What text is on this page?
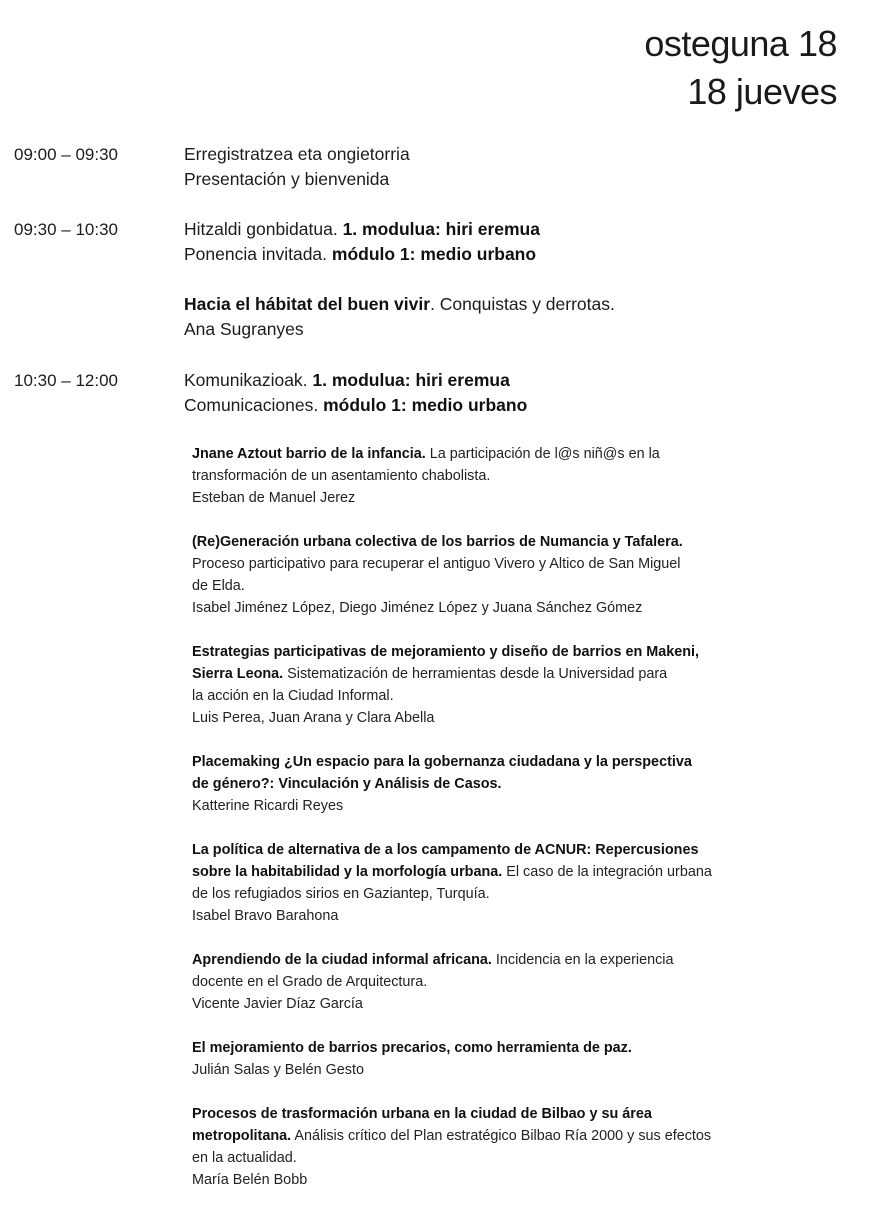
osteguna 18
18 jueves
09:00 – 09:30	Erregistratzea eta ongietorria
Presentación y bienvenida
09:30 – 10:30	Hitzaldi gonbidatua. 1. modulua: hiri eremua
Ponencia invitada. módulo 1: medio urbano
Hacia el hábitat del buen vivir. Conquistas y derrotas.
Ana Sugranyes
10:30 – 12:00	Komunikazioak. 1. modulua: hiri eremua
Comunicaciones. módulo 1: medio urbano
Jnane Aztout barrio de la infancia. La participación de l@s niñ@s en la
transformación de un asentamiento chabolista.
Esteban de Manuel Jerez
(Re)Generación urbana colectiva de los barrios de Numancia y Tafalera.
Proceso participativo para recuperar el antiguo Vivero y Altico de San Miguel
de Elda.
Isabel Jiménez López, Diego Jiménez López y Juana Sánchez Gómez
Estrategias participativas de mejoramiento y diseño de barrios en Makeni,
Sierra Leona. Sistematización de herramientas desde la Universidad para
la acción en la Ciudad Informal.
Luis Perea, Juan Arana y Clara Abella
Placemaking ¿Un espacio para la gobernanza ciudadana y la perspectiva
de género?: Vinculación y Análisis de Casos.
Katterine Ricardi Reyes
La política de alternativa de a los campamento de ACNUR: Repercusiones
sobre la habitabilidad y la morfología urbana. El caso de la integración urbana
de los refugiados sirios en Gaziantep, Turquía.
Isabel Bravo Barahona
Aprendiendo de la ciudad informal africana. Incidencia en la experiencia
docente en el Grado de Arquitectura.
Vicente Javier Díaz García
El mejoramiento de barrios precarios, como herramienta de paz.
Julián Salas y Belén Gesto
Procesos de trasformación urbana en la ciudad de Bilbao y su área
metropolitana. Análisis crítico del Plan estratégico Bilbao Ría 2000 y sus efectos
en la actualidad.
María Belén Bobb
